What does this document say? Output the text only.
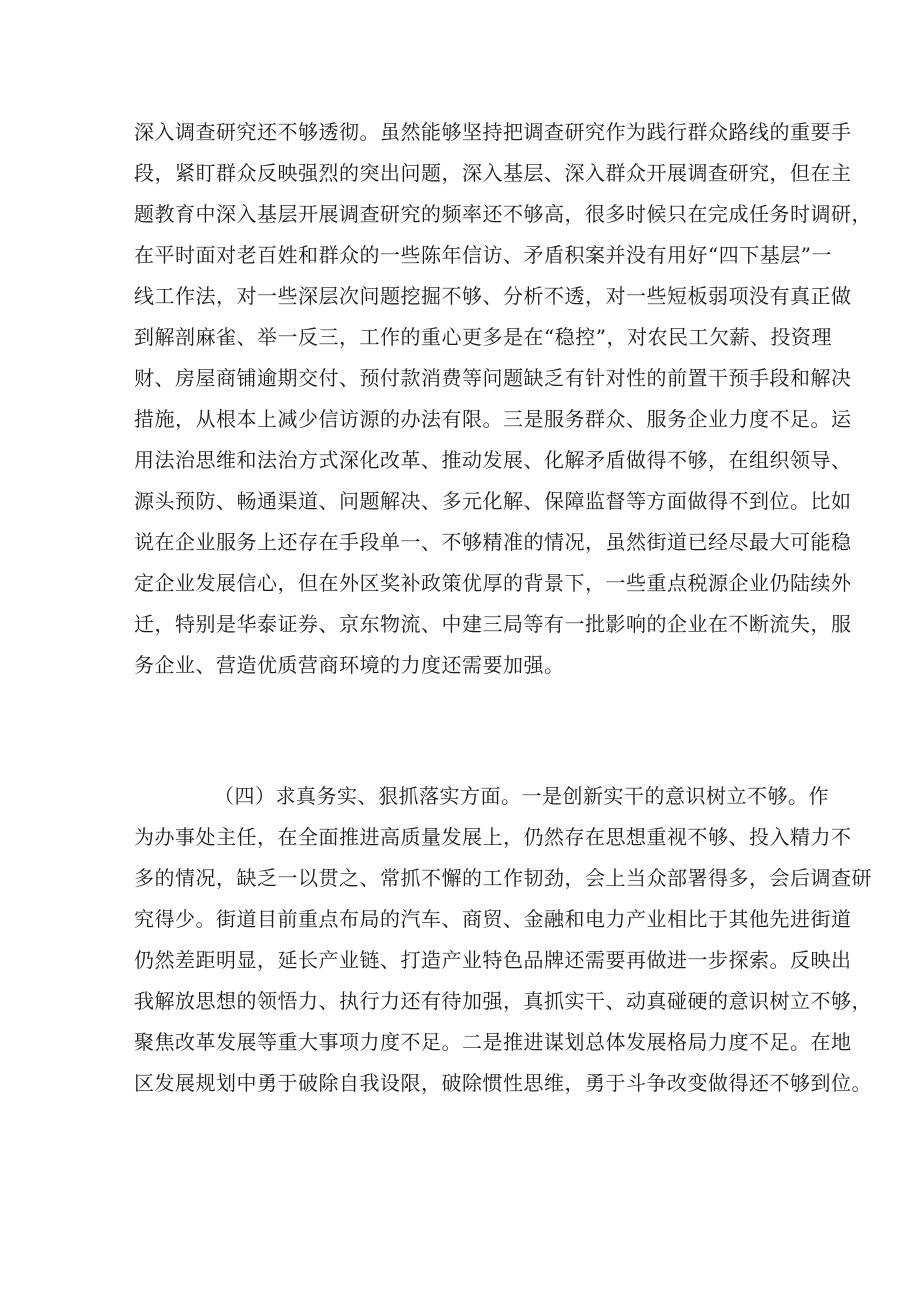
深入调查研究还不够透彻。虽然能够坚持把调查研究作为践行群众路线的重要手
段，紧盯群众反映强烈的突出问题，深入基层、深入群众开展调查研究，但在主
题教育中深入基层开展调查研究的频率还不够高，很多时候只在完成任务时调研，
在平时面对老百姓和群众的一些陈年信访、矛盾积案并没有用好“四下基层”一
线工作法，对一些深层次问题挖掘不够、分析不透，对一些短板弱项没有真正做
到解剖麻雀、举一反三，工作的重心更多是在“稳控”，对农民工欠薪、投资理
财、房屋商铺逾期交付、预付款消费等问题缺乏有针对性的前置干预手段和解决
措施，从根本上减少信访源的办法有限。三是服务群众、服务企业力度不足。运
用法治思维和法治方式深化改革、推动发展、化解矛盾做得不够，在组织领导、
源头预防、畅通渠道、问题解决、多元化解、保障监督等方面做得不到位。比如
说在企业服务上还存在手段单一、不够精准的情况，虽然街道已经尽最大可能稳
定企业发展信心，但在外区奖补政策优厚的背景下，一些重点税源企业仍陆续外
迁，特别是华泰证券、京东物流、中建三局等有一批影响的企业在不断流失，服
务企业、营造优质营商环境的力度还需要加强。
（四）求真务实、狠抓落实方面。一是创新实干的意识树立不够。作
为办事处主任，在全面推进高质量发展上，仍然存在思想重视不够、投入精力不
多的情况，缺乏一以贯之、常抓不懈的工作韧劲，会上当众部署得多，会后调查研
究得少。街道目前重点布局的汽车、商贸、金融和电力产业相比于其他先进街道
仍然差距明显，延长产业链、打造产业特色品牌还需要再做进一步探索。反映出
我解放思想的领悟力、执行力还有待加强，真抓实干、动真碰硬的意识树立不够，
聚焦改革发展等重大事项力度不足。二是推进谋划总体发展格局力度不足。在地
区发展规划中勇于破除自我设限，破除惯性思维，勇于斗争改变做得还不够到位。
